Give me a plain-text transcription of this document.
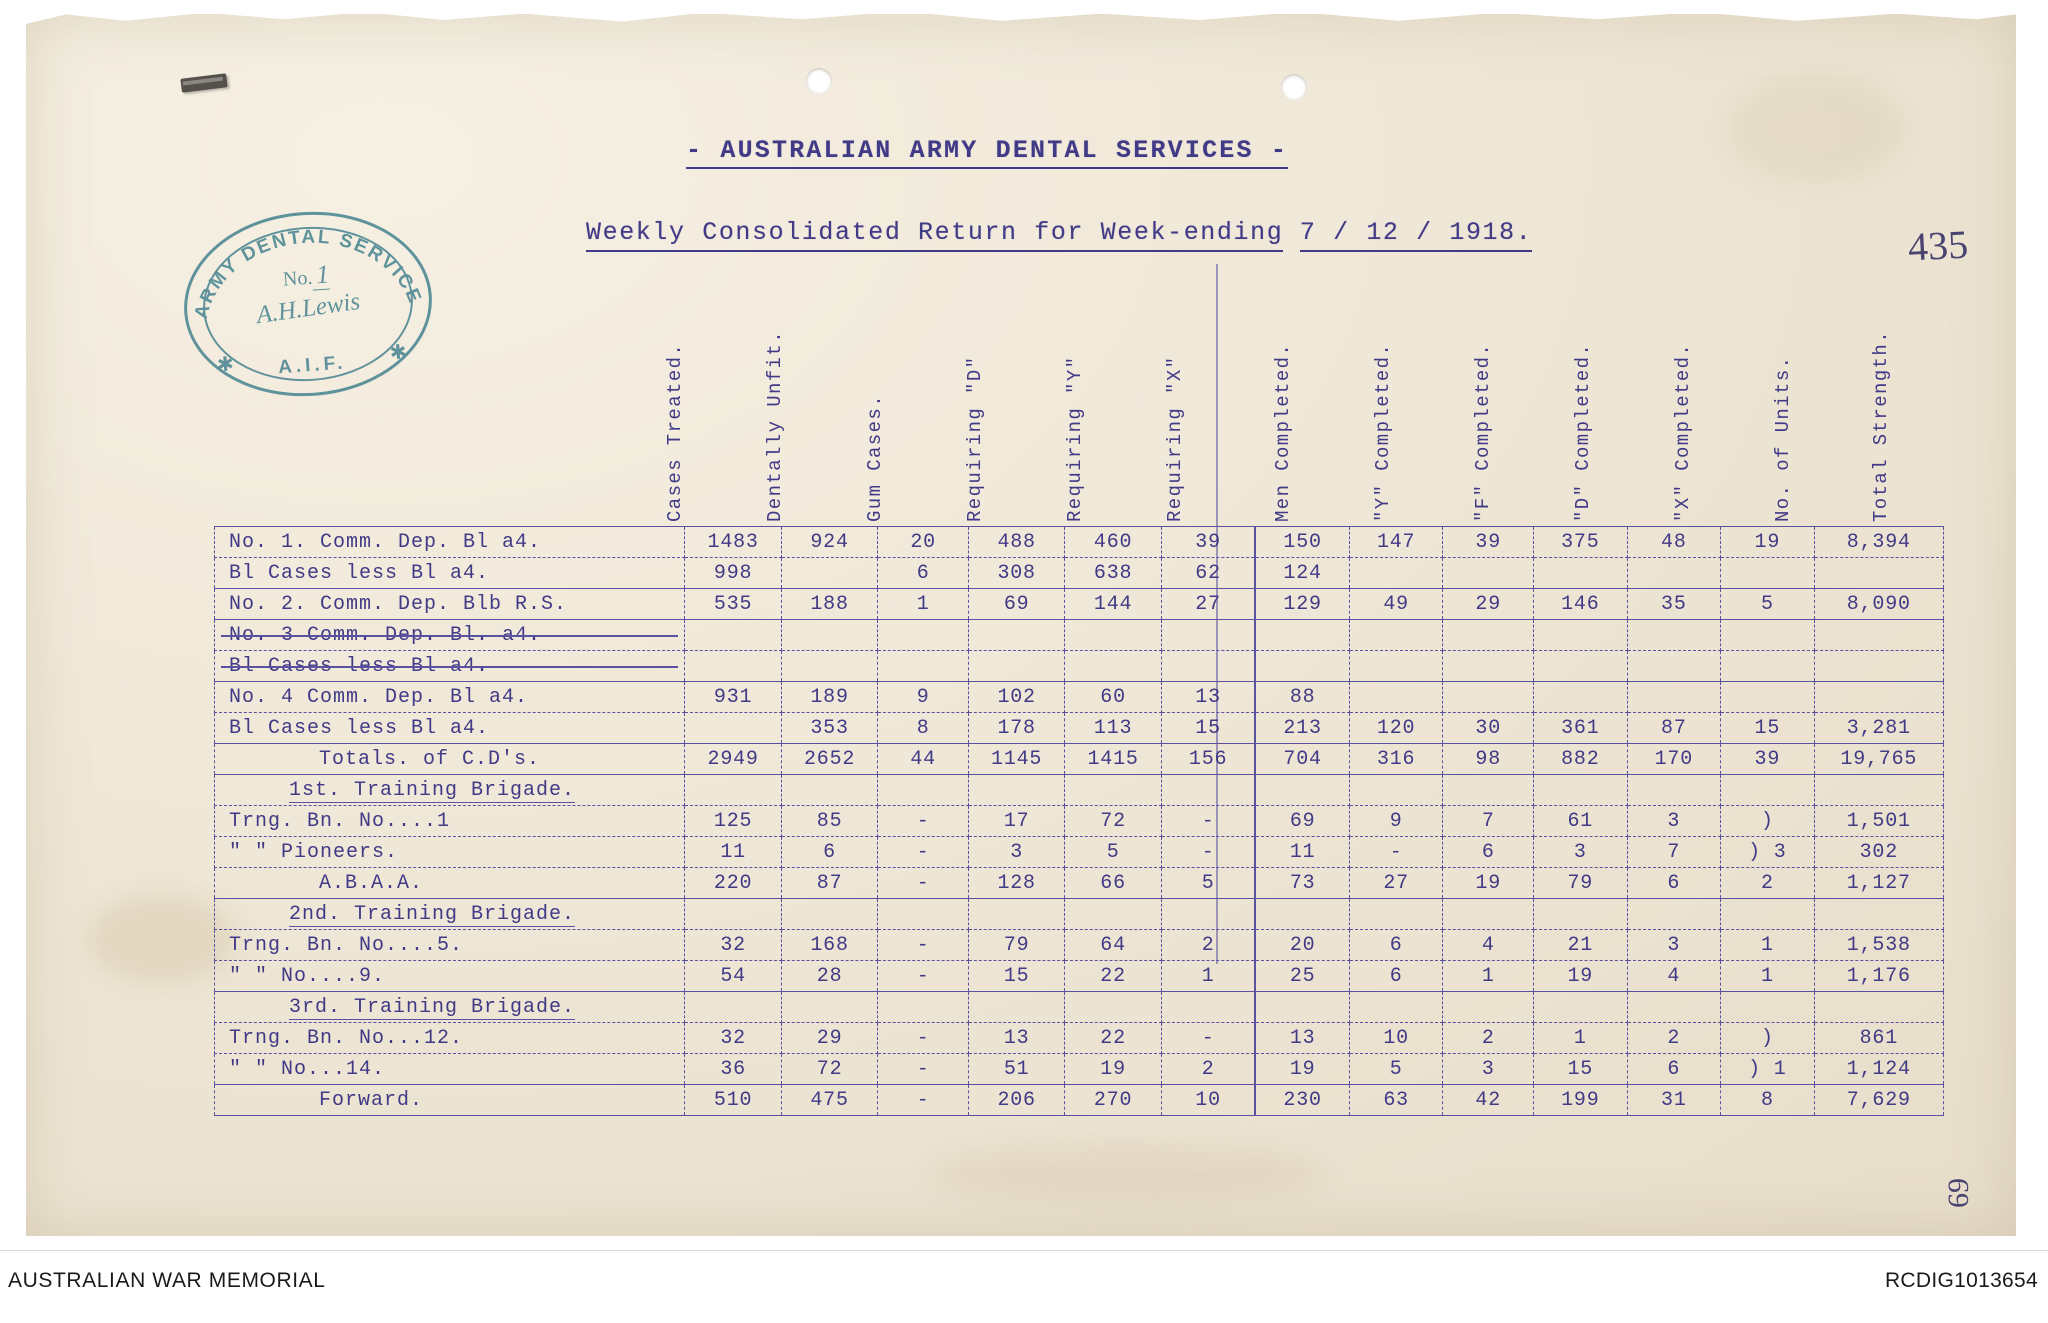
ARMY DENTAL SERVICE
No.1
A.H.Lewis
✱
✱
A.I.F.
- AUSTRALIAN ARMY DENTAL SERVICES -
Weekly Consolidated Return for Week-ending 7 / 12 / 1918.	435
69
Cases Treated.	Dentally Unfit.	Gum Cases.	Requiring "D"	Requiring "Y"	Requiring "X"	Men Completed.	"Y" Completed.	"F" Completed.	"D" Completed.	"X" Completed.	No. of Units.	Total Strength.
No. 1. Comm. Dep. Bl a4.	1483	924	20	488	460	39	150	147	39	375	48	19	8,394
Bl Cases less Bl a4.	998		6	308	638	62	124						
No. 2. Comm. Dep. Blb R.S.	535	188	1	69	144	27	129	49	29	146	35	5	8,090
No. 3 Comm. Dep. Bl. a4.													
Bl Cases less Bl a4.													
No. 4 Comm. Dep. Bl a4.	931	189	9	102	60	13	88						
Bl Cases less Bl a4.		353	8	178	113	15	213	120	30	361	87	15	3,281
Totals. of C.D's.	2949	2652	44	1145	1415	156	704	316	98	882	170	39	19,765
1st. Training Brigade.													
Trng. Bn. No....1	125	85	-	17	72	-	69	9	7	61	3	)	1,501
" " Pioneers.	11	6	-	3	5	-	11	-	6	3	7	) 3	302
A.B.A.A.	220	87	-	128	66	5	73	27	19	79	6	2	1,127
2nd. Training Brigade.													
Trng. Bn. No....5.	32	168	-	79	64	2	20	6	4	21	3	1	1,538
" " No....9.	54	28	-	15	22	1	25	6	1	19	4	1	1,176
3rd. Training Brigade.													
Trng. Bn. No...12.	32	29	-	13	22	-	13	10	2	1	2	)	861
" " No...14.	36	72	-	51	19	2	19	5	3	15	6	) 1	1,124
Forward.	510	475	-	206	270	10	230	63	42	199	31	8	7,629
AUSTRALIAN WAR MEMORIAL	RCDIG1013654
